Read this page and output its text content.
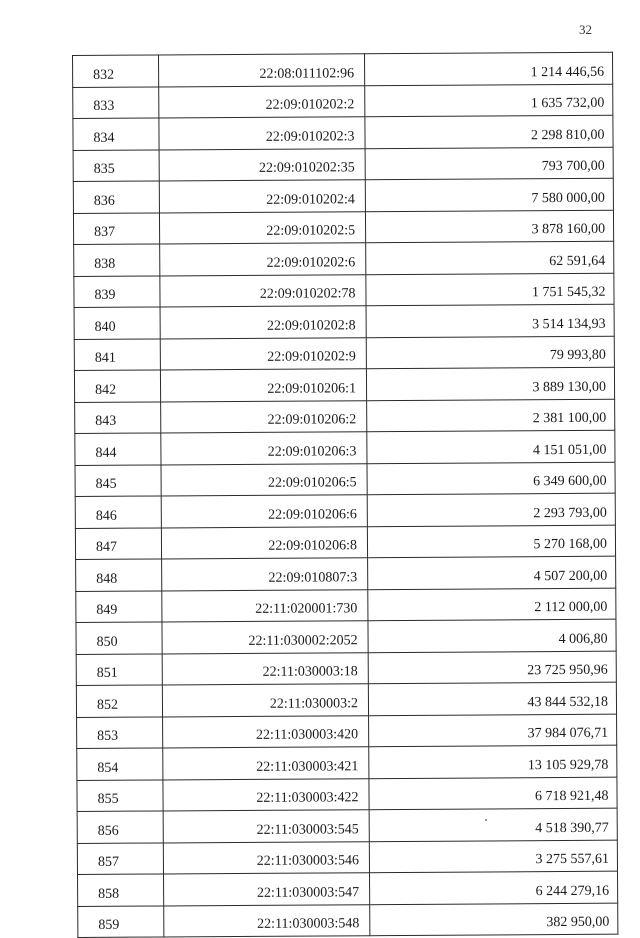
32
832	22:08:011102:96	1 214 446,56
833	22:09:010202:2	1 635 732,00
834	22:09:010202:3	2 298 810,00
835	22:09:010202:35	793 700,00
836	22:09:010202:4	7 580 000,00
837	22:09:010202:5	3 878 160,00
838	22:09:010202:6	62 591,64
839	22:09:010202:78	1 751 545,32
840	22:09:010202:8	3 514 134,93
841	22:09:010202:9	79 993,80
842	22:09:010206:1	3 889 130,00
843	22:09:010206:2	2 381 100,00
844	22:09:010206:3	4 151 051,00
845	22:09:010206:5	6 349 600,00
846	22:09:010206:6	2 293 793,00
847	22:09:010206:8	5 270 168,00
848	22:09:010807:3	4 507 200,00
849	22:11:020001:730	2 112 000,00
850	22:11:030002:2052	4 006,80
851	22:11:030003:18	23 725 950,96
852	22:11:030003:2	43 844 532,18
853	22:11:030003:420	37 984 076,71
854	22:11:030003:421	13 105 929,78
855	22:11:030003:422	6 718 921,48
856	22:11:030003:545	4 518 390,77
857	22:11:030003:546	3 275 557,61
858	22:11:030003:547	6 244 279,16
859	22:11:030003:548	382 950,00
